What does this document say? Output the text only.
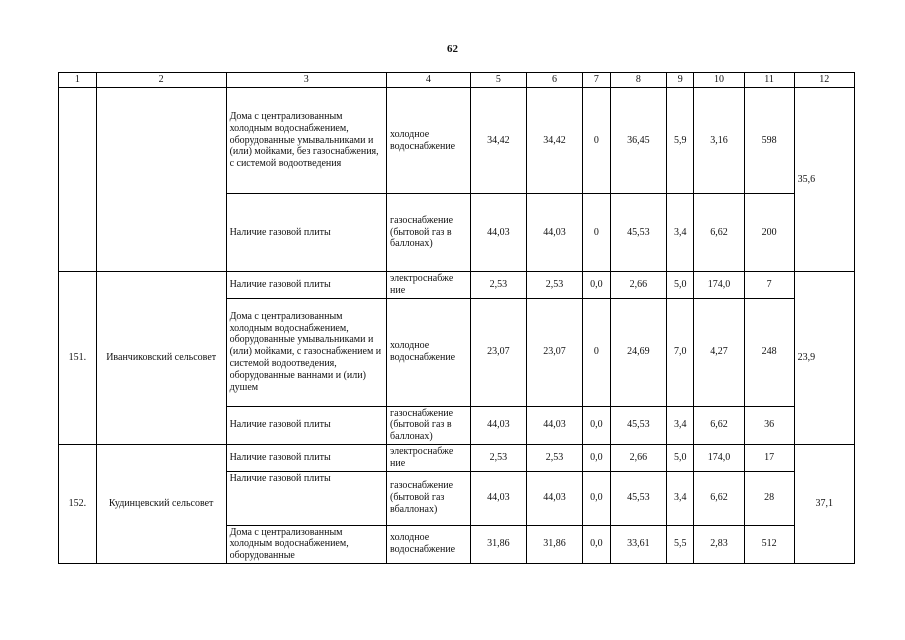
62
1	2	3	4	5	6	7	8	9	10	11	12
		Дома с централизованным холодным водоснабжением, оборудованные умывальниками и (или) мойками, без газоснабжения, с системой водоотведения	холодное водоснабжение	34,42	34,42	0	36,45	5,9	3,16	598	35,6
		Наличие газовой плиты	газоснабжение (бытовой газ в баллонах)	44,03	44,03	0	45,53	3,4	6,62	200	
151.	Иванчиковский сельсовет	Наличие газовой плиты	электроснабже ние	2,53	2,53	0,0	2,66	5,0	174,0	7	23,9
		Дома с централизованным холодным водоснабжением, оборудованные умывальниками и (или) мойками, с газоснабжением и системой водоотведения, оборудованные ваннами и (или) душем	холодное водоснабжение	23,07	23,07	0	24,69	7,0	4,27	248	
		Наличие газовой плиты	газоснабжение (бытовой газ в баллонах)	44,03	44,03	0,0	45,53	3,4	6,62	36	
152.	Кудинцевский сельсовет	Наличие газовой плиты	электроснабже ние	2,53	2,53	0,0	2,66	5,0	174,0	17	37,1
		Наличие газовой плиты	газоснабжение (бытовой газ вбаллонах)	44,03	44,03	0,0	45,53	3,4	6,62	28	
		Дома с централизованным холодным водоснабжением, оборудованные	холодное водоснабжение	31,86	31,86	0,0	33,61	5,5	2,83	512	
